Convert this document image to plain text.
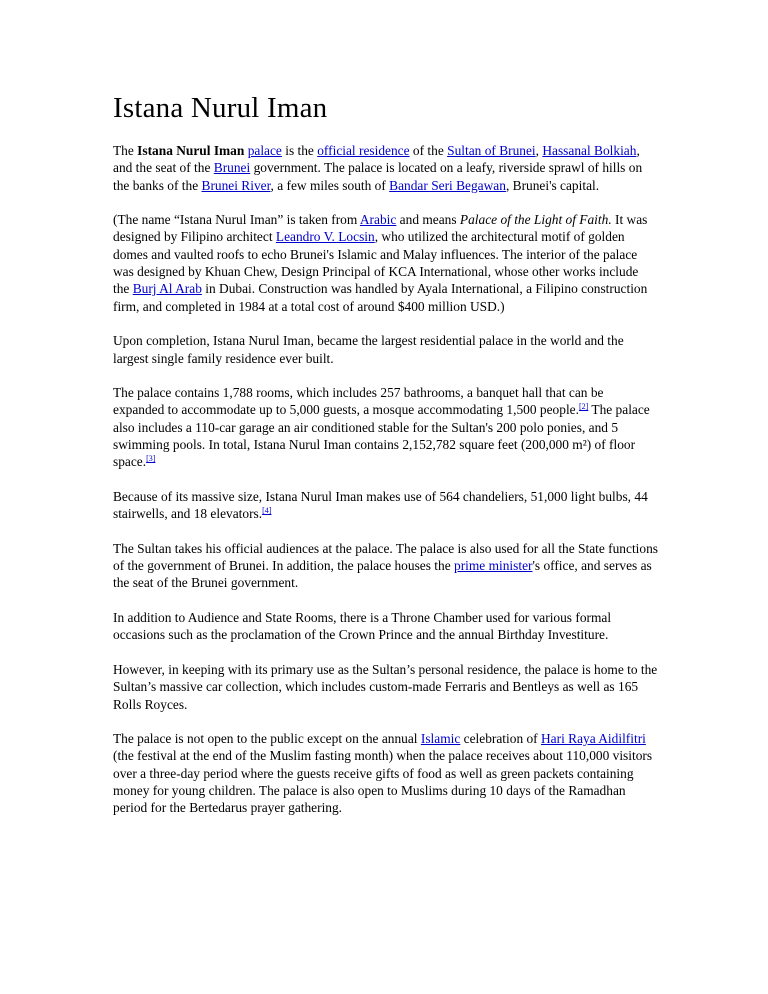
Istana Nurul Iman

The Istana Nurul Iman palace is the official residence of the Sultan of Brunei, Hassanal Bolkiah, and the seat of the Brunei government. The palace is located on a leafy, riverside sprawl of hills on the banks of the Brunei River, a few miles south of Bandar Seri Begawan, Brunei's capital.

(The name “Istana Nurul Iman” is taken from Arabic and means Palace of the Light of Faith. It was designed by Filipino architect Leandro V. Locsin, who utilized the architectural motif of golden domes and vaulted roofs to echo Brunei's Islamic and Malay influences. The interior of the palace was designed by Khuan Chew, Design Principal of KCA International, whose other works include the Burj Al Arab in Dubai. Construction was handled by Ayala International, a Filipino construction firm, and completed in 1984 at a total cost of around $400 million USD.)

Upon completion, Istana Nurul Iman, became the largest residential palace in the world and the largest single family residence ever built.

The palace contains 1,788 rooms, which includes 257 bathrooms, a banquet hall that can be expanded to accommodate up to 5,000 guests, a mosque accommodating 1,500 people.[2] The palace also includes a 110-car garage an air conditioned stable for the Sultan's 200 polo ponies, and 5 swimming pools. In total, Istana Nurul Iman contains 2,152,782 square feet (200,000 m²) of floor space.[3]

Because of its massive size, Istana Nurul Iman makes use of 564 chandeliers, 51,000 light bulbs, 44 stairwells, and 18 elevators.[4]

The Sultan takes his official audiences at the palace. The palace is also used for all the State functions of the government of Brunei. In addition, the palace houses the prime minister's office, and serves as the seat of the Brunei government.

In addition to Audience and State Rooms, there is a Throne Chamber used for various formal occasions such as the proclamation of the Crown Prince and the annual Birthday Investiture.

However, in keeping with its primary use as the Sultan’s personal residence, the palace is home to the Sultan’s massive car collection, which includes custom-made Ferraris and Bentleys as well as 165 Rolls Royces.

The palace is not open to the public except on the annual Islamic celebration of Hari Raya Aidilfitri (the festival at the end of the Muslim fasting month) when the palace receives about 110,000 visitors over a three-day period where the guests receive gifts of food as well as green packets containing money for young children. The palace is also open to Muslims during 10 days of the Ramadhan period for the Bertedarus prayer gathering.
